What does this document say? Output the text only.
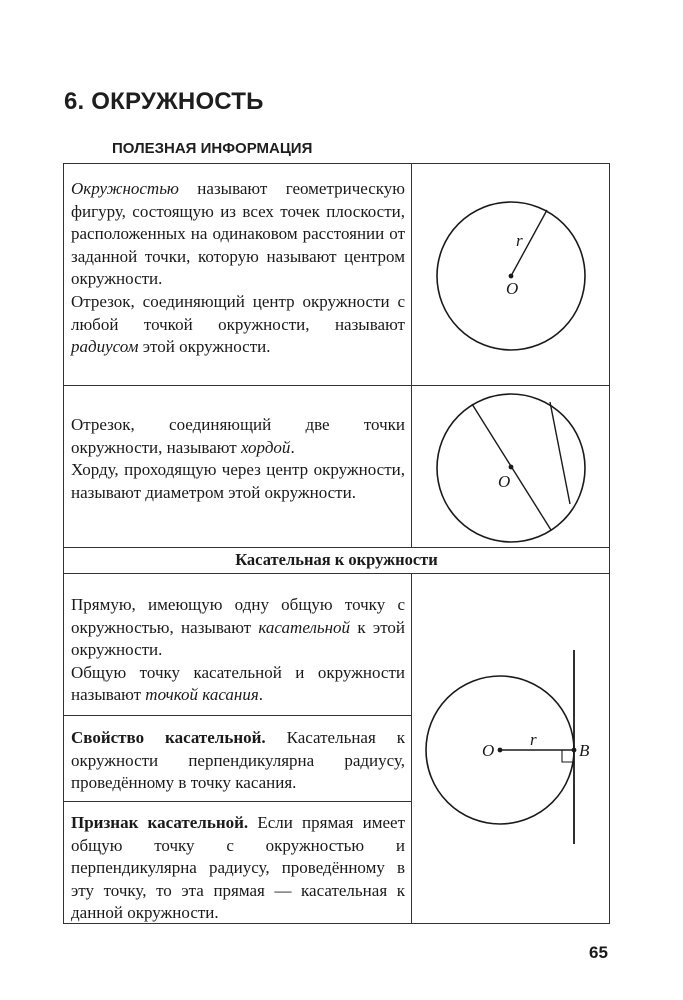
6. ОКРУЖНОСТЬ
ПОЛЕЗНАЯ ИНФОРМАЦИЯ

Окружностью называют геометрическую фигуру, состоящую из всех точек плоскости, расположенных на одинаковом расстоянии от заданной точки, которую называют центром окружности.
Отрезок, соединяющий центр окружности с любой точкой окружности, называют радиусом этой окружности.

r
O

Отрезок, соединяющий две точки окружности, называют хордой.
Хорду, проходящую через центр окружности, называют диаметром этой окружности.

O
Касательная к окружности

Прямую, имеющую одну общую точку с окружностью, называют касательной к этой окружности.
Общую точку касательной и окружности называют точкой касания.

Свойство касательной. Касательная к окружности перпендикулярна радиусу, проведённому в точку касания.

Признак касательной. Если прямая имеет общую точку с окружностью и перпендикулярна радиусу, проведённому в эту точку, то эта прямая — касательная к данной окружности.

O
r
B
65
